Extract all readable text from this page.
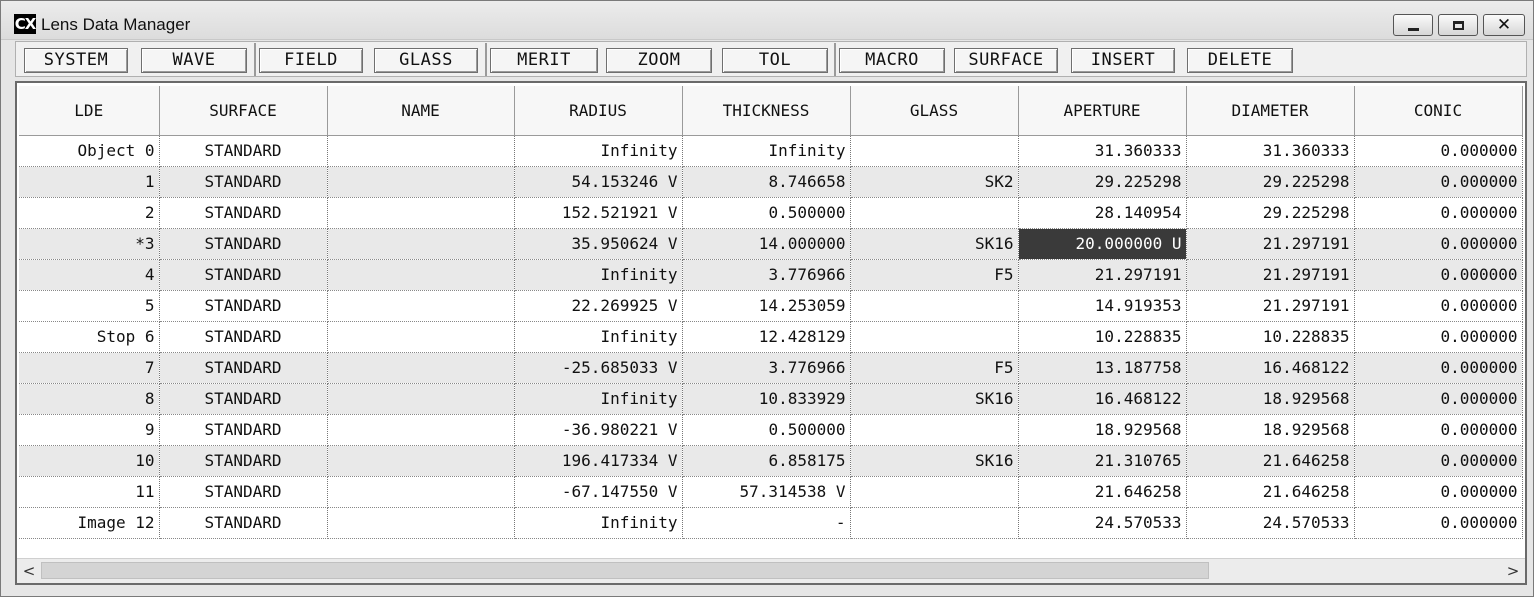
CX Lens Data Manager	✕
SYSTEM	WAVE	FIELD	GLASS	MERIT	ZOOM	TOL	MACRO	SURFACE	INSERT	DELETE
LDE	SURFACE	NAME	RADIUS	THICKNESS	GLASS	APERTURE	DIAMETER	CONIC
Object 0	STANDARD		Infinity	Infinity		31.360333	31.360333	0.000000
1	STANDARD		54.153246 V	8.746658	SK2	29.225298	29.225298	0.000000
2	STANDARD		152.521921 V	0.500000		28.140954	29.225298	0.000000
*3	STANDARD		35.950624 V	14.000000	SK16	20.000000 U	21.297191	0.000000
4	STANDARD		Infinity	3.776966	F5	21.297191	21.297191	0.000000
5	STANDARD		22.269925 V	14.253059		14.919353	21.297191	0.000000
Stop 6	STANDARD		Infinity	12.428129		10.228835	10.228835	0.000000
7	STANDARD		-25.685033 V	3.776966	F5	13.187758	16.468122	0.000000
8	STANDARD		Infinity	10.833929	SK16	16.468122	18.929568	0.000000
9	STANDARD		-36.980221 V	0.500000		18.929568	18.929568	0.000000
10	STANDARD		196.417334 V	6.858175	SK16	21.310765	21.646258	0.000000
11	STANDARD		-67.147550 V	57.314538 V		21.646258	21.646258	0.000000
Image 12	STANDARD		Infinity	-		24.570533	24.570533	0.000000
<	>
